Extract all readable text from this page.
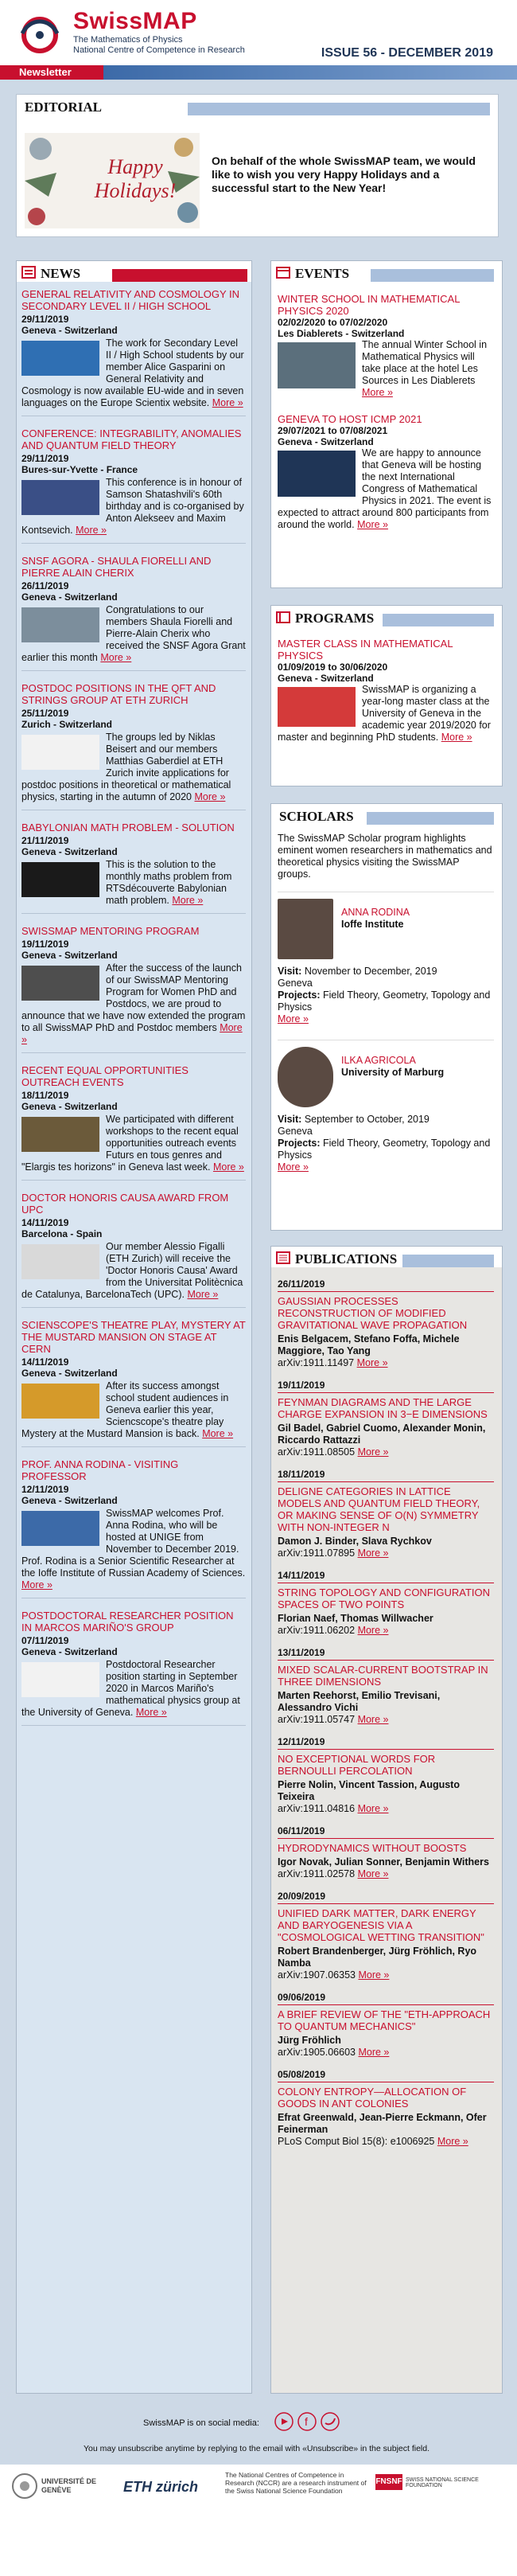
SwissMAP
The Mathematics of Physics
National Centre of Competence in Research	ISSUE 56 - DECEMBER 2019
Newsletter
EDITORIAL
Happy Holidays!
On behalf of the whole SwissMAP team, we would like to wish you very Happy Holidays and a successful start to the New Year!
NEWS
GENERAL RELATIVITY AND COSMOLOGY IN SECONDARY LEVEL II / HIGH SCHOOL
29/11/2019
Geneva - Switzerland
The work for Secondary Level II / High School students by our member Alice Gasparini on General Relativity and Cosmology is now available EU-wide and in seven languages on the Europe Scientix website. More »
CONFERENCE: INTEGRABILITY, ANOMALIES AND QUANTUM FIELD THEORY
29/11/2019
Bures-sur-Yvette - France
This conference is in honour of Samson Shatashvili's 60th birthday and is co-organised by Anton Alekseev and Maxim Kontsevich. More »
SNSF AGORA - SHAULA FIORELLI AND PIERRE ALAIN CHERIX
26/11/2019
Geneva - Switzerland
Congratulations to our members Shaula Fiorelli and Pierre-Alain Cherix who received the SNSF Agora Grant earlier this month More »
POSTDOC POSITIONS IN THE QFT AND STRINGS GROUP AT ETH ZURICH
25/11/2019
Zurich - Switzerland
The groups led by Niklas Beisert and our members Matthias Gaberdiel at ETH Zurich invite applications for postdoc positions in theoretical or mathematical physics, starting in the autumn of 2020 More »
BABYLONIAN MATH PROBLEM - SOLUTION
21/11/2019
Geneva - Switzerland
This is the solution to the monthly maths problem from RTSdécouverte Babylonian math problem. More »
SWISSMAP MENTORING PROGRAM
19/11/2019
Geneva - Switzerland
After the success of the launch of our SwissMAP Mentoring Program for Women PhD and Postdocs, we are proud to announce that we have now extended the program to all SwissMAP PhD and Postdoc members More »
RECENT EQUAL OPPORTUNITIES OUTREACH EVENTS
18/11/2019
Geneva - Switzerland
We participated with different workshops to the recent equal opportunities outreach events Futurs en tous genres and "Elargis tes horizons" in Geneva last week. More »
DOCTOR HONORIS CAUSA AWARD FROM UPC
14/11/2019
Barcelona - Spain
Our member Alessio Figalli (ETH Zurich) will receive the 'Doctor Honoris Causa' Award from the Universitat Politècnica de Catalunya, BarcelonaTech (UPC). More »
SCIENSCOPE'S THEATRE PLAY, MYSTERY AT THE MUSTARD MANSION ON STAGE AT CERN
14/11/2019
Geneva - Switzerland
After its success amongst school student audiences in Geneva earlier this year, Sciencscope's theatre play Mystery at the Mustard Mansion is back. More »
PROF. ANNA RODINA - VISITING PROFESSOR
12/11/2019
Geneva - Switzerland
SwissMAP welcomes Prof. Anna Rodina, who will be hosted at UNIGE from November to December 2019. Prof. Rodina is a Senior Scientific Researcher at the Ioffe Institute of Russian Academy of Sciences. More »
POSTDOCTORAL RESEARCHER POSITION IN MARCOS MARIÑO'S GROUP
07/11/2019
Geneva - Switzerland
Postdoctoral Researcher position starting in September 2020 in Marcos Mariño's mathematical physics group at the University of Geneva. More »
EVENTS
WINTER SCHOOL IN MATHEMATICAL PHYSICS 2020
02/02/2020 to 07/02/2020
Les Diablerets - Switzerland
The annual Winter School in Mathematical Physics will take place at the hotel Les Sources in Les Diablerets More »
GENEVA TO HOST ICMP 2021
29/07/2021 to 07/08/2021
Geneva - Switzerland
We are happy to announce that Geneva will be hosting the next International Congress of Mathematical Physics in 2021. The event is expected to attract around 800 participants from around the world. More »
PROGRAMS
MASTER CLASS IN MATHEMATICAL PHYSICS
01/09/2019 to 30/06/2020
Geneva - Switzerland
SwissMAP is organizing a year-long master class at the University of Geneva in the academic year 2019/2020 for master and beginning PhD students. More »
SCHOLARS
The SwissMAP Scholar program highlights eminent women researchers in mathematics and theoretical physics visiting the SwissMAP groups.
ANNA RODINA
Ioffe Institute
Visit: November to December, 2019
Geneva
Projects: Field Theory, Geometry, Topology and Physics
More »
ILKA AGRICOLA
University of Marburg
Visit: September to October, 2019
Geneva
Projects: Field Theory, Geometry, Topology and Physics
More »
PUBLICATIONS
26/11/2019
GAUSSIAN PROCESSES RECONSTRUCTION OF MODIFIED GRAVITATIONAL WAVE PROPAGATION
Enis Belgacem, Stefano Foffa, Michele Maggiore, Tao Yang
arXiv:1911.11497 More »
19/11/2019
FEYNMAN DIAGRAMS AND THE LARGE CHARGE EXPANSION IN 3−Ε DIMENSIONS
Gil Badel, Gabriel Cuomo, Alexander Monin, Riccardo Rattazzi
arXiv:1911.08505 More »
18/11/2019
DELIGNE CATEGORIES IN LATTICE MODELS AND QUANTUM FIELD THEORY, OR MAKING SENSE OF O(N) SYMMETRY WITH NON-INTEGER N
Damon J. Binder, Slava Rychkov
arXiv:1911.07895 More »
14/11/2019
STRING TOPOLOGY AND CONFIGURATION SPACES OF TWO POINTS
Florian Naef, Thomas Willwacher
arXiv:1911.06202 More »
13/11/2019
MIXED SCALAR-CURRENT BOOTSTRAP IN THREE DIMENSIONS
Marten Reehorst, Emilio Trevisani, Alessandro Vichi
arXiv:1911.05747 More »
12/11/2019
NO EXCEPTIONAL WORDS FOR BERNOULLI PERCOLATION
Pierre Nolin, Vincent Tassion, Augusto Teixeira
arXiv:1911.04816 More »
06/11/2019
HYDRODYNAMICS WITHOUT BOOSTS
Igor Novak, Julian Sonner, Benjamin Withers
arXiv:1911.02578 More »
20/09/2019
UNIFIED DARK MATTER, DARK ENERGY AND BARYOGENESIS VIA A "COSMOLOGICAL WETTING TRANSITION"
Robert Brandenberger, Jürg Fröhlich, Ryo Namba
arXiv:1907.06353 More »
09/06/2019
A BRIEF REVIEW OF THE "ETH-APPROACH TO QUANTUM MECHANICS"
Jürg Fröhlich
arXiv:1905.06603 More »
05/08/2019
COLONY ENTROPY—ALLOCATION OF GOODS IN ANT COLONIES
Efrat Greenwald, Jean-Pierre Eckmann, Ofer Feinerman
PLoS Comput Biol 15(8): e1006925 More »
SwissMAP is on social media:	f
You may unsubscribe anytime by replying to the email with «Unsubscribe» in the subject field.
UNIVERSITÉ DE GENÈVE	ETH zürich
The National Centres of Competence in Research (NCCR) are a research instrument of the Swiss National Science Foundation
FNSNF SWISS NATIONAL SCIENCE FOUNDATION
